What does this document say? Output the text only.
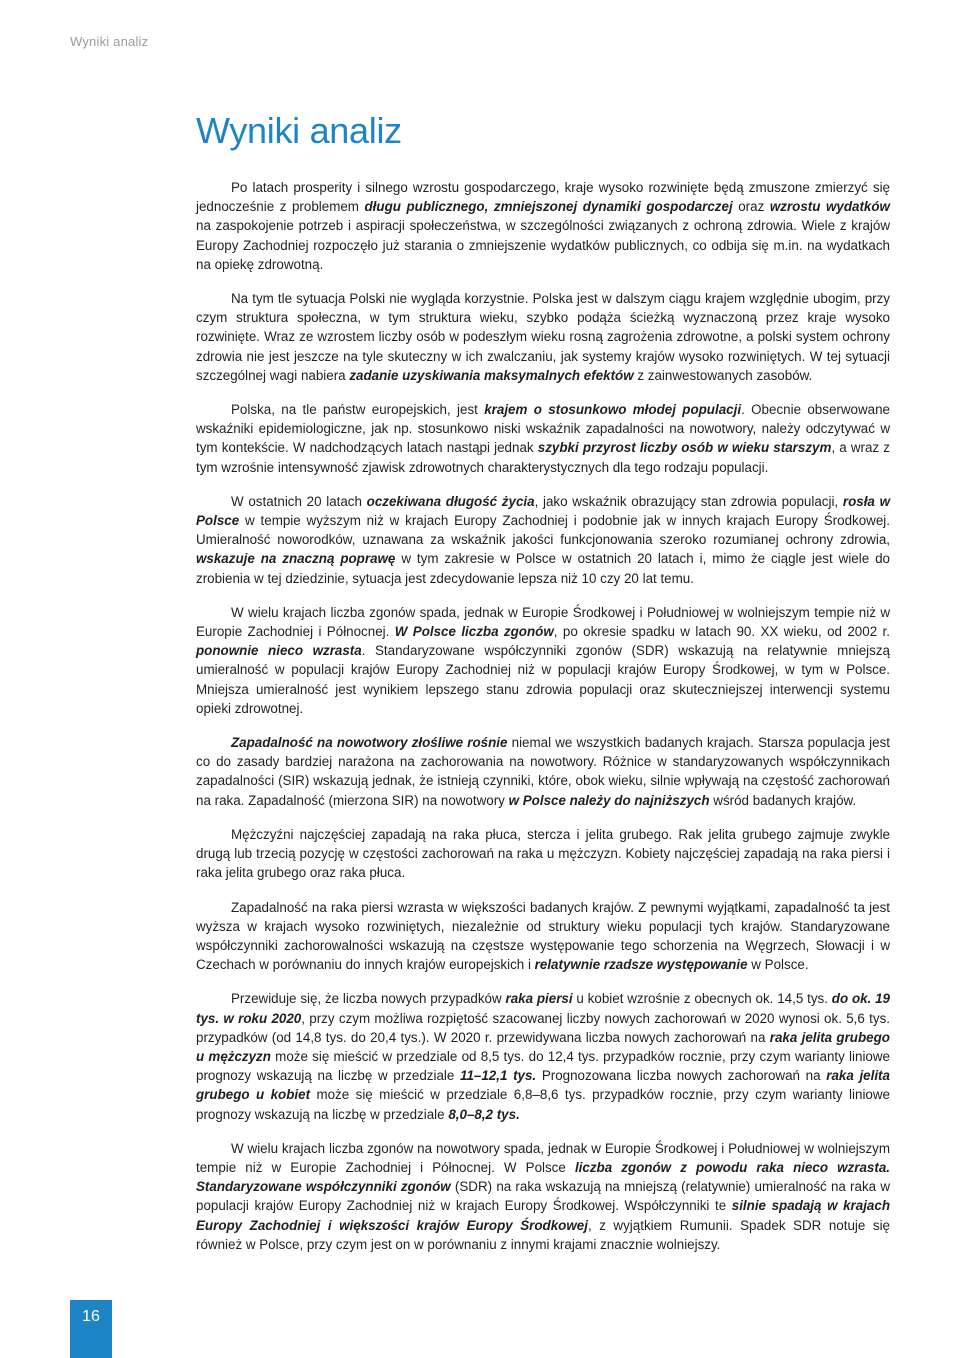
Wyniki analiz
Wyniki analiz

Po latach prosperity i silnego wzrostu gospodarczego, kraje wysoko rozwinięte będą zmuszone zmierzyć się jednocześnie z problemem długu publicznego, zmniejszonej dynamiki gospodarczej oraz wzrostu wydatków na zaspokojenie potrzeb i aspiracji społeczeństwa, w szczególności związanych z ochroną zdrowia. Wiele z krajów Europy Zachodniej rozpoczęło już starania o zmniejszenie wydatków publicznych, co odbija się m.in. na wydatkach na opiekę zdrowotną.

Na tym tle sytuacja Polski nie wygląda korzystnie. Polska jest w dalszym ciągu krajem względnie ubogim, przy czym struktura społeczna, w tym struktura wieku, szybko podąża ścieżką wyznaczoną przez kraje wysoko rozwinięte. Wraz ze wzrostem liczby osób w podeszłym wieku rosną zagrożenia zdrowotne, a polski system ochrony zdrowia nie jest jeszcze na tyle skuteczny w ich zwalczaniu, jak systemy krajów wysoko rozwiniętych. W tej sytuacji szczególnej wagi nabiera zadanie uzyskiwania maksymalnych efektów z zainwestowanych zasobów.

Polska, na tle państw europejskich, jest krajem o stosunkowo młodej populacji. Obecnie obserwowane wskaźniki epidemiologiczne, jak np. stosunkowo niski wskaźnik zapadalności na nowotwory, należy odczytywać w tym kontekście. W nadchodzących latach nastąpi jednak szybki przyrost liczby osób w wieku starszym, a wraz z tym wzrośnie intensywność zjawisk zdrowotnych charakterystycznych dla tego rodzaju populacji.

W ostatnich 20 latach oczekiwana długość życia, jako wskaźnik obrazujący stan zdrowia populacji, rosła w Polsce w tempie wyższym niż w krajach Europy Zachodniej i podobnie jak w innych krajach Europy Środkowej. Umieralność noworodków, uznawana za wskaźnik jakości funkcjonowania szeroko rozumianej ochrony zdrowia, wskazuje na znaczną poprawę w tym zakresie w Polsce w ostatnich 20 latach i, mimo że ciągle jest wiele do zrobienia w tej dziedzinie, sytuacja jest zdecydowanie lepsza niż 10 czy 20 lat temu.

W wielu krajach liczba zgonów spada, jednak w Europie Środkowej i Południowej w wolniejszym tempie niż w Europie Zachodniej i Północnej. W Polsce liczba zgonów, po okresie spadku w latach 90. XX wieku, od 2002 r. ponownie nieco wzrasta. Standaryzowane współczynniki zgonów (SDR) wskazują na relatywnie mniejszą umieralność w populacji krajów Europy Zachodniej niż w populacji krajów Europy Środkowej, w tym w Polsce. Mniejsza umieralność jest wynikiem lepszego stanu zdrowia populacji oraz skuteczniejszej interwencji systemu opieki zdrowotnej.

Zapadalność na nowotwory złośliwe rośnie niemal we wszystkich badanych krajach. Starsza populacja jest co do zasady bardziej narażona na zachorowania na nowotwory. Różnice w standaryzowanych współczynnikach zapadalności (SIR) wskazują jednak, że istnieją czynniki, które, obok wieku, silnie wpływają na częstość zachorowań na raka. Zapadalność (mierzona SIR) na nowotwory w Polsce należy do najniższych wśród badanych krajów.

Mężczyźni najczęściej zapadają na raka płuca, stercza i jelita grubego. Rak jelita grubego zajmuje zwykle drugą lub trzecią pozycję w częstości zachorowań na raka u mężczyzn. Kobiety najczęściej zapadają na raka piersi i raka jelita grubego oraz raka płuca.

Zapadalność na raka piersi wzrasta w większości badanych krajów. Z pewnymi wyjątkami, zapadalność ta jest wyższa w krajach wysoko rozwiniętych, niezależnie od struktury wieku populacji tych krajów. Standaryzowane współczynniki zachorowalności wskazują na częstsze występowanie tego schorzenia na Węgrzech, Słowacji i w Czechach w porównaniu do innych krajów europejskich i relatywnie rzadsze występowanie w Polsce.

Przewiduje się, że liczba nowych przypadków raka piersi u kobiet wzrośnie z obecnych ok. 14,5 tys. do ok. 19 tys. w roku 2020, przy czym możliwa rozpiętość szacowanej liczby nowych zachorowań w 2020 wynosi ok. 5,6 tys. przypadków (od 14,8 tys. do 20,4 tys.). W 2020 r. przewidywana liczba nowych zachorowań na raka jelita grubego u mężczyzn może się mieścić w przedziale od 8,5 tys. do 12,4 tys. przypadków rocznie, przy czym warianty liniowe prognozy wskazują na liczbę w przedziale 11–12,1 tys. Prognozowana liczba nowych zachorowań na raka jelita grubego u kobiet może się mieścić w przedziale 6,8–8,6 tys. przypadków rocznie, przy czym warianty liniowe prognozy wskazują na liczbę w przedziale 8,0–8,2 tys.

W wielu krajach liczba zgonów na nowotwory spada, jednak w Europie Środkowej i Południowej w wolniejszym tempie niż w Europie Zachodniej i Północnej. W Polsce liczba zgonów z powodu raka nieco wzrasta. Standaryzowane współczynniki zgonów (SDR) na raka wskazują na mniejszą (relatywnie) umieralność na raka w populacji krajów Europy Zachodniej niż w krajach Europy Środkowej. Współczynniki te silnie spadają w krajach Europy Zachodniej i większości krajów Europy Środkowej, z wyjątkiem Rumunii. Spadek SDR notuje się również w Polsce, przy czym jest on w porównaniu z innymi krajami znacznie wolniejszy.

16
